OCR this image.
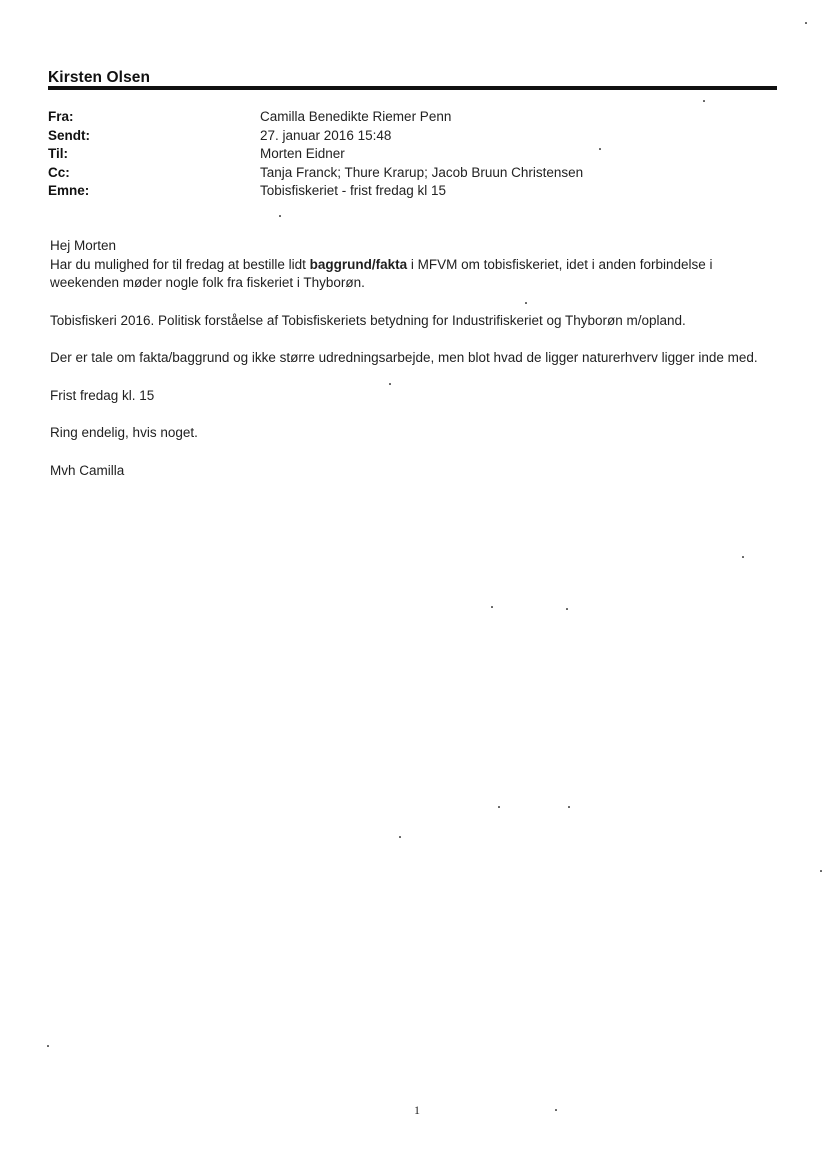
Kirsten Olsen
Fra:	Camilla Benedikte Riemer Penn
Sendt:	27. januar 2016 15:48
Til:	Morten Eidner
Cc:	Tanja Franck; Thure Krarup; Jacob Bruun Christensen
Emne:	Tobisfiskeriet - frist fredag kl 15

Hej Morten

Har du mulighed for til fredag at bestille lidt baggrund/fakta i MFVM om tobisfiskeriet, idet i anden forbindelse i weekenden møder nogle folk fra fiskeriet i Thyborøn.

Tobisfiskeri 2016. Politisk forståelse af Tobisfiskeriets betydning for Industrifiskeriet og Thyborøn m/opland.

Der er tale om fakta/baggrund og ikke større udredningsarbejde, men blot hvad de ligger naturerhverv ligger inde med.

Frist fredag kl. 15

Ring endelig, hvis noget.

Mvh Camilla

1
